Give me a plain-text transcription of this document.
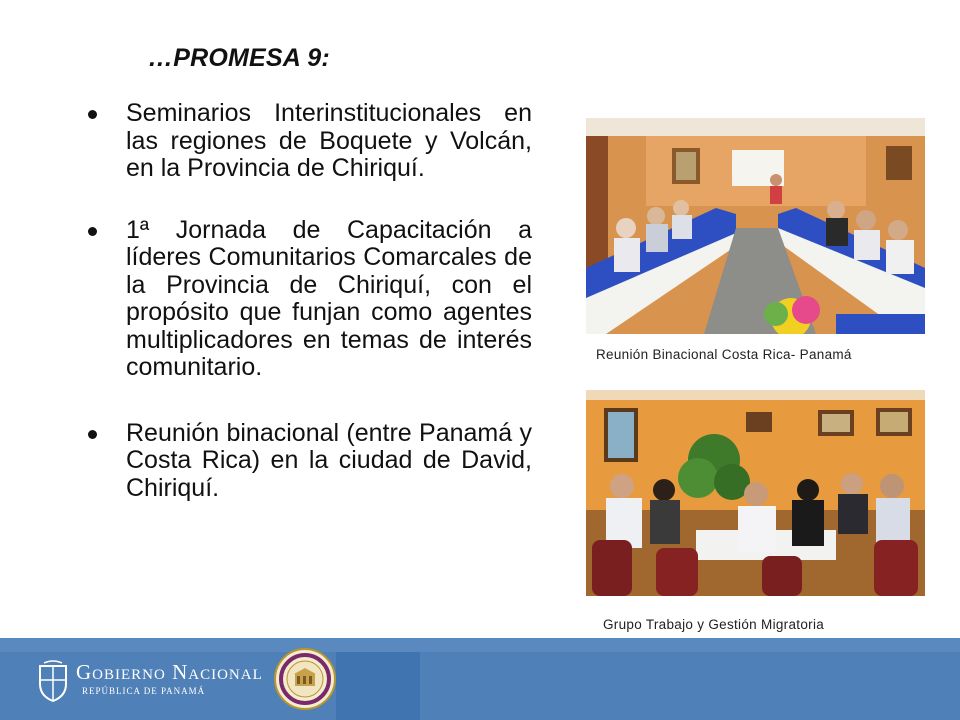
…PROMESA 9:
Seminarios Interinstitucionales en las regiones de Boquete y Volcán, en la Provincia de Chiriquí.
1ª Jornada de Capacitación a líderes Comunitarios Comarcales de la Provincia de Chiriquí, con el propósito que funjan como agentes multiplicadores en temas de interés comunitario.
Reunión binacional (entre Panamá y Costa Rica) en la ciudad de David, Chiriquí.
Reunión Binacional Costa Rica- Panamá
Grupo Trabajo y Gestión Migratoria
Gobierno Nacional
REPÚBLICA DE PANAMÁ
